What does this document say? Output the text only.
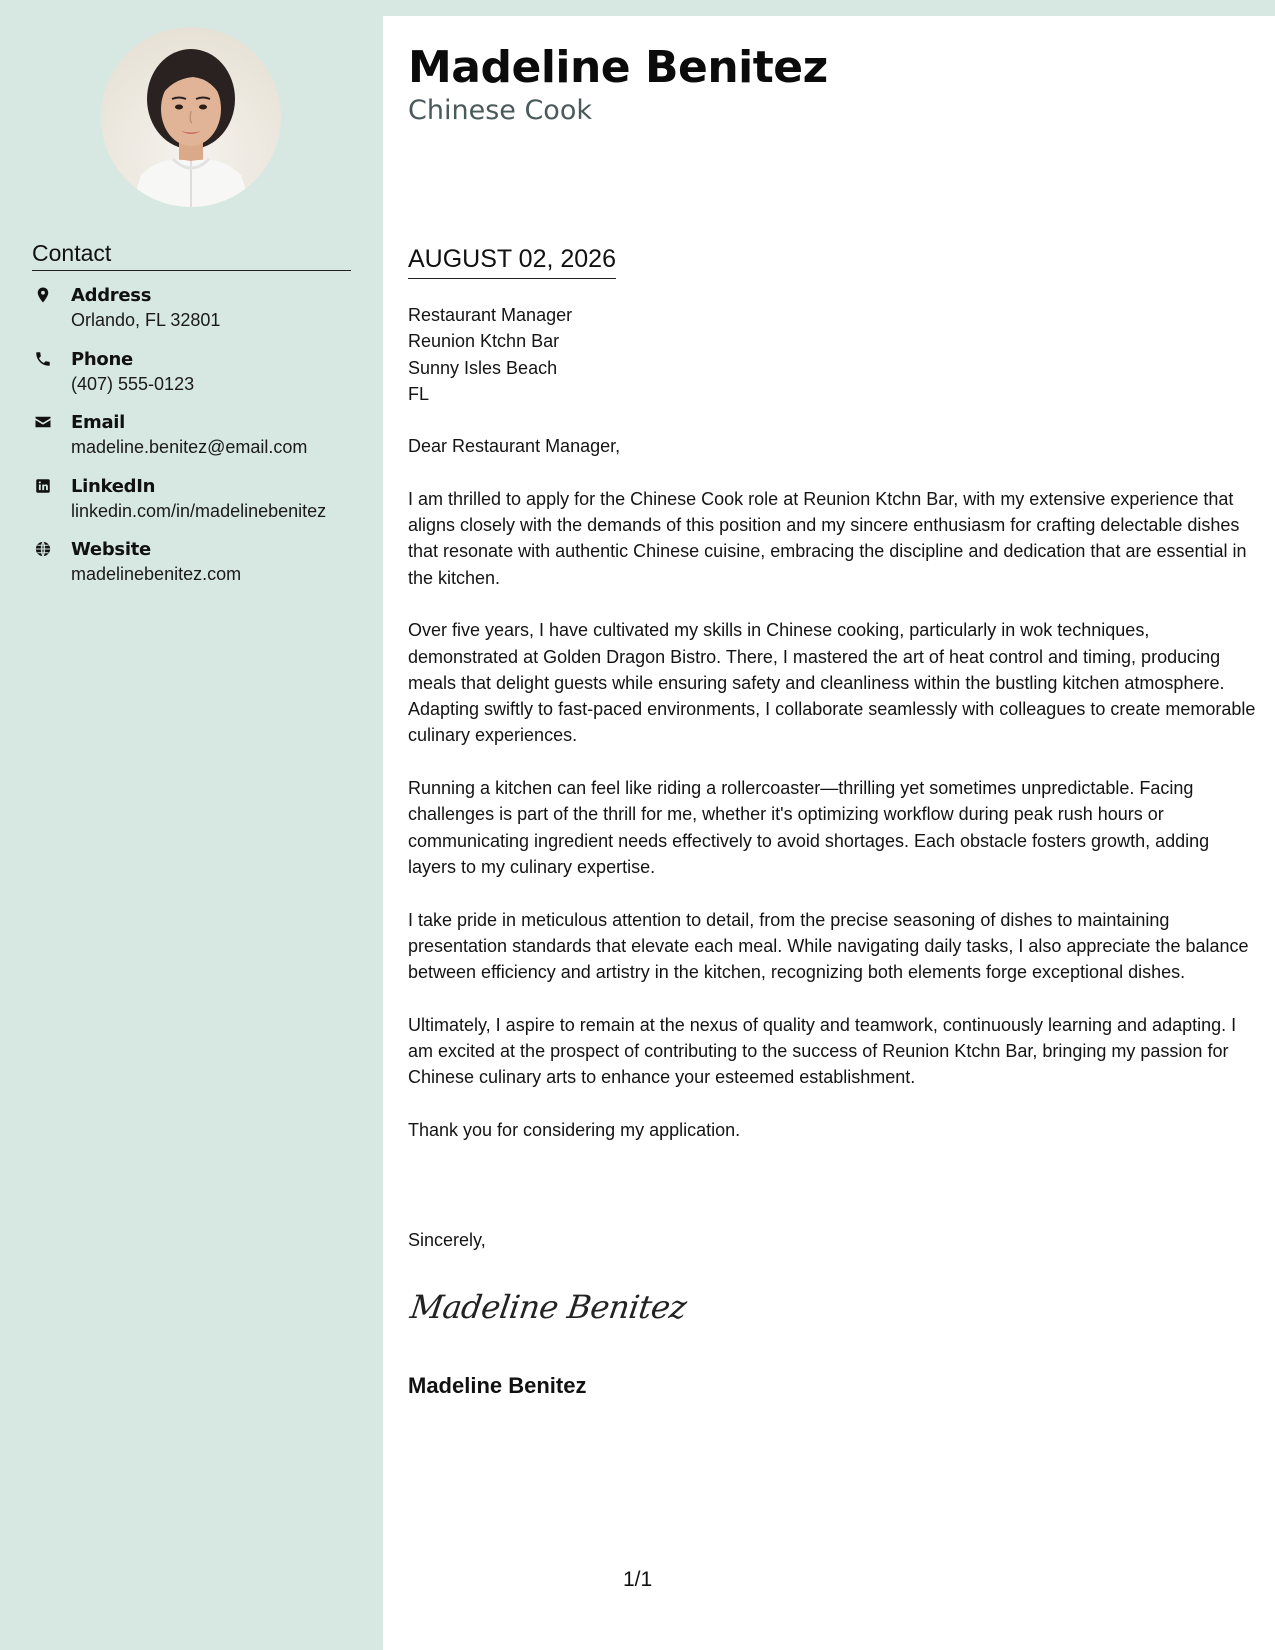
Contact
Address
Orlando, FL 32801
Phone
(407) 555-0123
Email
madeline.benitez@email.com
LinkedIn
linkedin.com/in/madelinebenitez
Website
madelinebenitez.com
Madeline Benitez
Chinese Cook
AUGUST 02, 2026
Restaurant Manager
Reunion Ktchn Bar
Sunny Isles Beach
FL

Dear Restaurant Manager,

I am thrilled to apply for the Chinese Cook role at Reunion Ktchn Bar, with my extensive experience that aligns closely with the demands of this position and my sincere enthusiasm for crafting delectable dishes that resonate with authentic Chinese cuisine, embracing the discipline and dedication that are essential in the kitchen.

Over five years, I have cultivated my skills in Chinese cooking, particularly in wok techniques, demonstrated at Golden Dragon Bistro. There, I mastered the art of heat control and timing, producing meals that delight guests while ensuring safety and cleanliness within the bustling kitchen atmosphere. Adapting swiftly to fast-paced environments, I collaborate seamlessly with colleagues to create memorable culinary experiences.

Running a kitchen can feel like riding a rollercoaster—thrilling yet sometimes unpredictable. Facing challenges is part of the thrill for me, whether it's optimizing workflow during peak rush hours or communicating ingredient needs effectively to avoid shortages. Each obstacle fosters growth, adding layers to my culinary expertise.

I take pride in meticulous attention to detail, from the precise seasoning of dishes to maintaining presentation standards that elevate each meal. While navigating daily tasks, I also appreciate the balance between efficiency and artistry in the kitchen, recognizing both elements forge exceptional dishes.

Ultimately, I aspire to remain at the nexus of quality and teamwork, continuously learning and adapting. I am excited at the prospect of contributing to the success of Reunion Ktchn Bar, bringing my passion for Chinese culinary arts to enhance your esteemed establishment.

Thank you for considering my application.

Sincerely,
Madeline Benitez
Madeline Benitez
1/1
